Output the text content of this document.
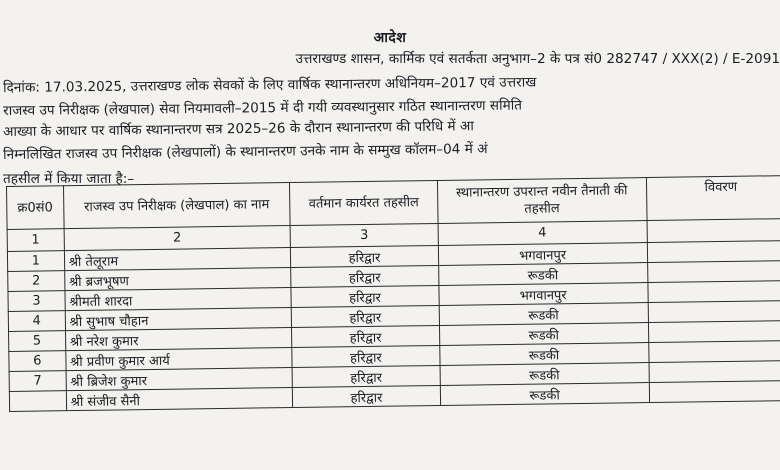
आदेश
उत्तराखण्ड शासन, कार्मिक एवं सतर्कता अनुभाग–2 के पत्र सं0 282747 / XXX(2) / E-2091
दिनांक: 17.03.2025, उत्तराखण्ड लोक सेवकों के लिए वार्षिक स्थानान्तरण अधिनियम–2017 एवं उत्तराख
राजस्व उप निरीक्षक (लेखपाल) सेवा नियमावली–2015 में दी गयी व्यवस्थानुसार गठित स्थानान्तरण समिति
आख्या के आधार पर वार्षिक स्थानान्तरण सत्र 2025–26 के दौरान स्थानान्तरण की परिधि में आ
निम्नलिखित राजस्व उप निरीक्षक (लेखपालों) के स्थानान्तरण उनके नाम के सम्मुख कॉलम–04 में अं
तहसील में किया जाता है:–
क्र0सं0	राजस्व उप निरीक्षक (लेखपाल) का नाम	वर्तमान कार्यरत तहसील	स्थानान्तरण उपरान्त नवीन तैनाती की तहसील	विवरण
1	2	3	4	
1	श्री तेलूराम	हरिद्वार	भगवानपुर	
2	श्री ब्रजभूषण	हरिद्वार	रूडकी	
3	श्रीमती शारदा	हरिद्वार	भगवानपुर	
4	श्री सुभाष चौहान	हरिद्वार	रूडकी	
5	श्री नरेश कुमार	हरिद्वार	रूडकी	
6	श्री प्रवीण कुमार आर्य	हरिद्वार	रूडकी	
7	श्री ब्रिजेश कुमार	हरिद्वार	रूडकी	
	श्री संजीव सैनी	हरिद्वार	रूडकी	
